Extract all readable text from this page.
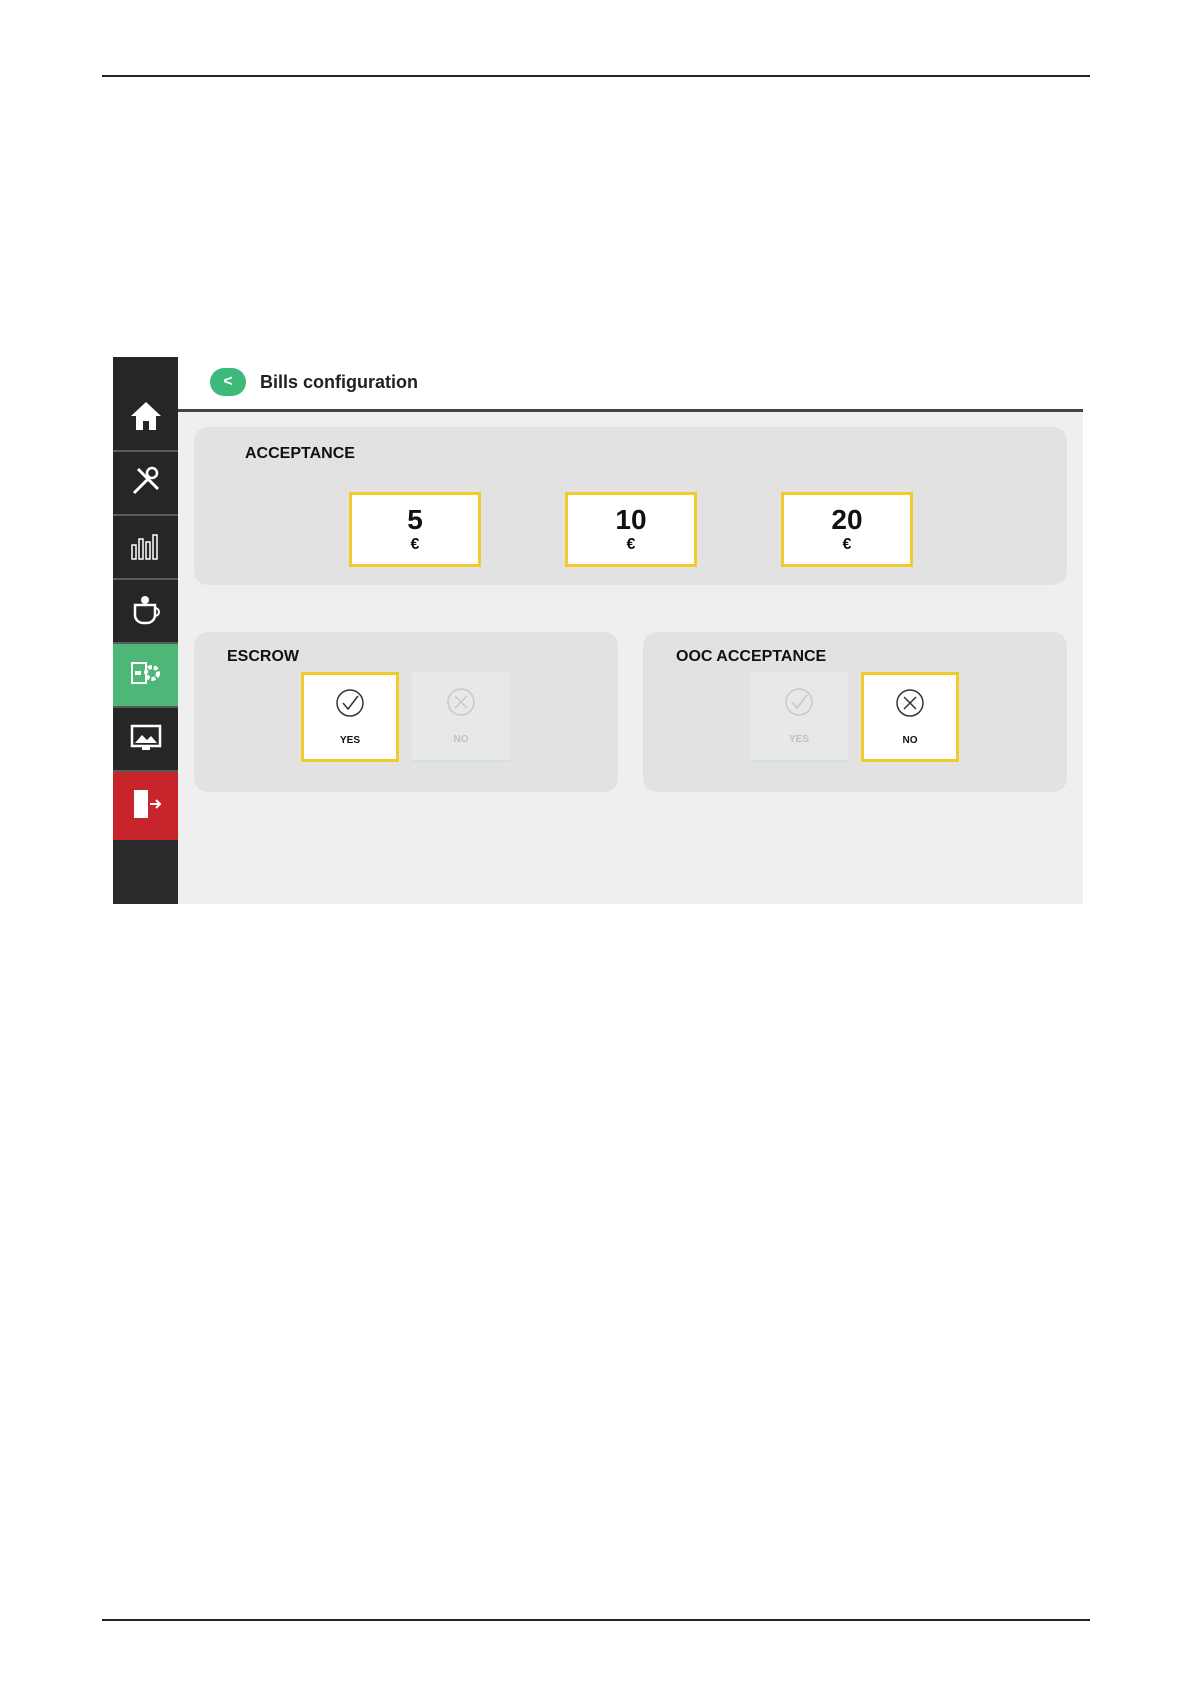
< Bills configuration
ACCEPTANCE
5
€
10
€
20
€
ESCROW
YES	NO
OOC ACCEPTANCE
YES	NO
